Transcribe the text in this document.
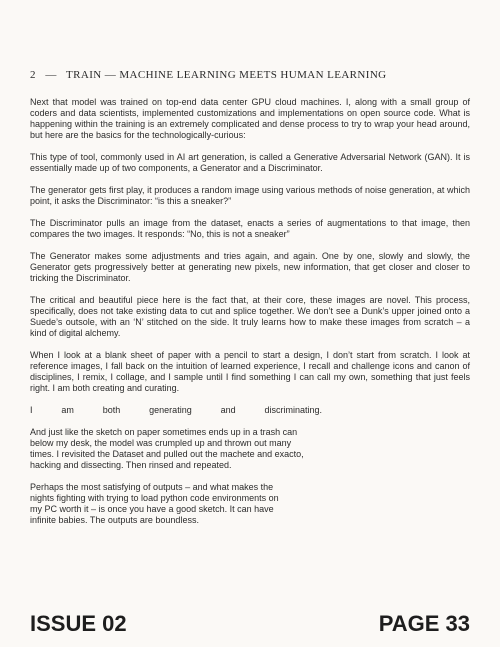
2 — TRAIN — MACHINE LEARNING MEETS HUMAN LEARNING

Next that model was trained on top-end data center GPU cloud machines. I, along with a small group of coders and data scientists, implemented customizations and implementations on open source code. What is happening within the training is an extremely complicated and dense process to try to wrap your head around, but here are the basics for the technologically-curious:

This type of tool, commonly used in AI art generation, is called a Generative Adversarial Network (GAN). It is essentially made up of two components, a Generator and a Discriminator.

The generator gets first play, it produces a random image using various methods of noise generation, at which point, it asks the Discriminator: “is this a sneaker?”

The Discriminator pulls an image from the dataset, enacts a series of augmentations to that image, then compares the two images. It responds: “No, this is not a sneaker”

The Generator makes some adjustments and tries again, and again. One by one, slowly and slowly, the Generator gets progressively better at generating new pixels, new information, that get closer and closer to tricking the Discriminator.

The critical and beautiful piece here is the fact that, at their core, these images are novel. This process, specifically, does not take existing data to cut and splice together. We don’t see a Dunk’s upper joined onto a Suede’s outsole, with an ‘N’ stitched on the side. It truly learns how to make these images from scratch – a kind of digital alchemy.

When I look at a blank sheet of paper with a pencil to start a design, I don’t start from scratch. I look at reference images, I fall back on the intuition of learned experience, I recall and challenge icons and canon of disciplines, I remix, I collage, and I sample until I find something I can call my own, something that just feels right. I am both creating and curating.

I am both generating and discriminating.

And just like the sketch on paper sometimes ends up in a trash can below my desk, the model was crumpled up and thrown out many times. I revisited the Dataset and pulled out the machete and exacto, hacking and dissecting. Then rinsed and repeated.

Perhaps the most satisfying of outputs – and what makes the nights fighting with trying to load python code environments on my PC worth it – is once you have a good sketch. It can have infinite babies. The outputs are boundless.

ISSUE 02	PAGE 33
